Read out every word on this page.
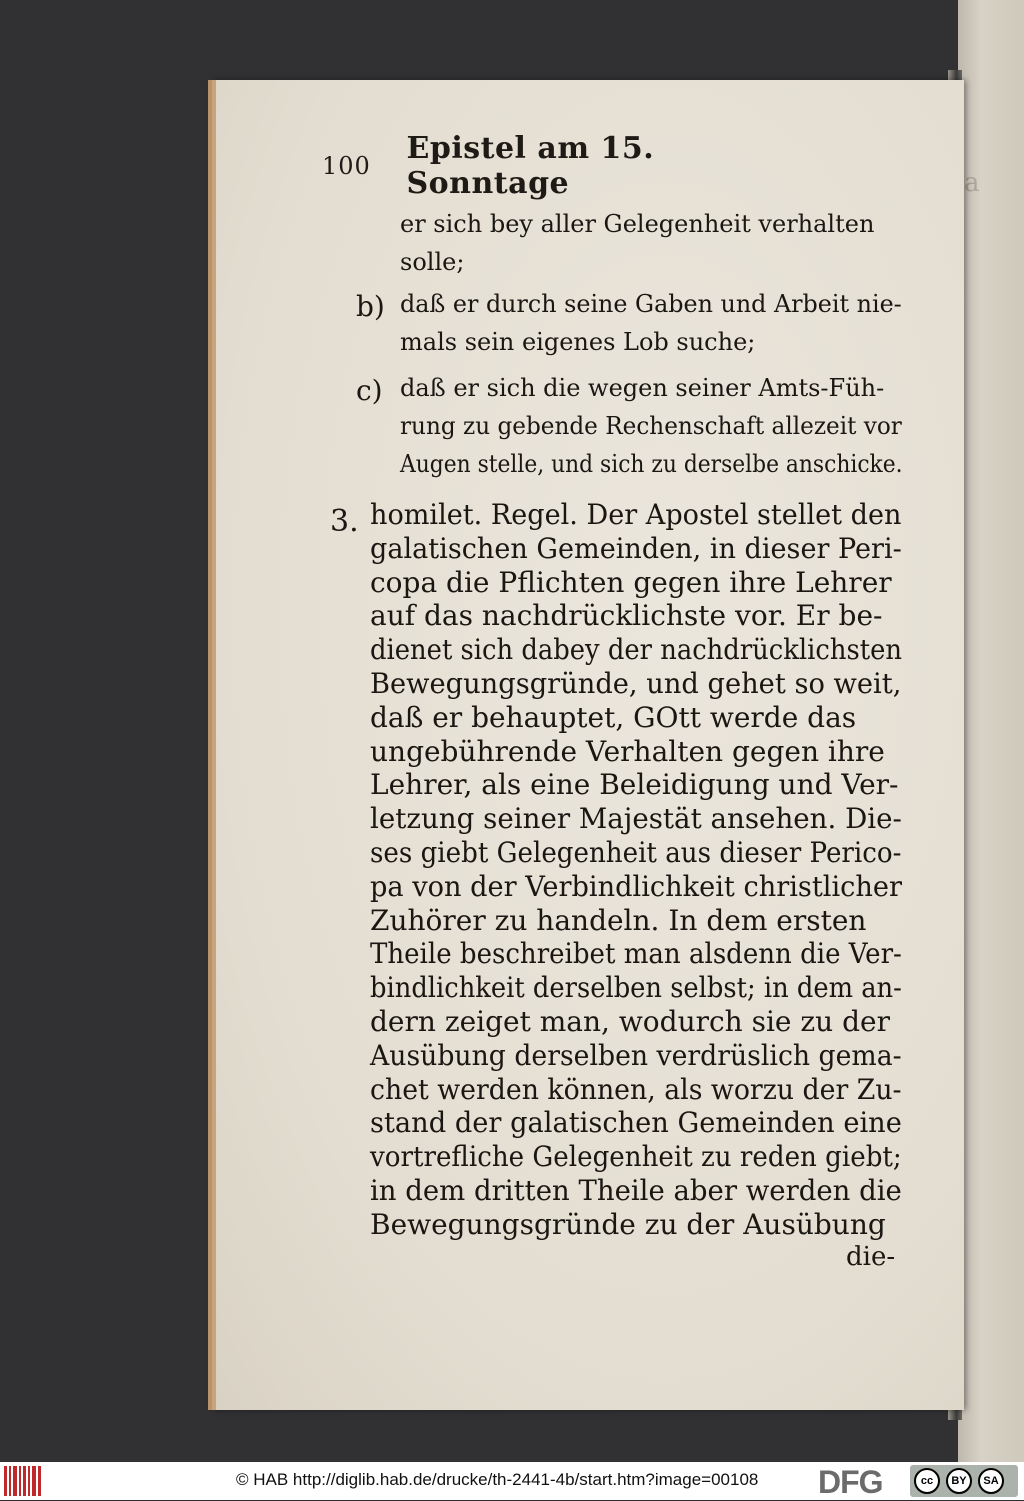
a
100	Epistel am 15. Sonntage
er sich bey aller Gelegenheit verhalten
solle;
b) daß er durch seine Gaben und Arbeit nie-
mals sein eigenes Lob suche;
c) daß er sich die wegen seiner Amts-Füh-
rung zu gebende Rechenschaft allezeit vor
Augen stelle, und sich zu derselbe anschicke.
3. homilet. Regel. Der Apostel stellet den
galatischen Gemeinden, in dieser Peri-
copa die Pflichten gegen ihre Lehrer
auf das nachdrücklichste vor. Er be-
dienet sich dabey der nachdrücklichsten
Bewegungsgründe, und gehet so weit,
daß er behauptet, GOtt werde das
ungebührende Verhalten gegen ihre
Lehrer, als eine Beleidigung und Ver-
letzung seiner Majestät ansehen. Die-
ses giebt Gelegenheit aus dieser Perico-
pa von der Verbindlichkeit christlicher
Zuhörer zu handeln. In dem ersten
Theile beschreibet man alsdenn die Ver-
bindlichkeit derselben selbst; in dem an-
dern zeiget man, wodurch sie zu der
Ausübung derselben verdrüslich gema-
chet werden können, als worzu der Zu-
stand der galatischen Gemeinden eine
vortrefliche Gelegenheit zu reden giebt;
in dem dritten Theile aber werden die
Bewegungsgründe zu der Ausübung
die-
© HAB http://diglib.hab.de/drucke/th-2441-4b/start.htm?image=00108 DFG	cc	BY	SA
